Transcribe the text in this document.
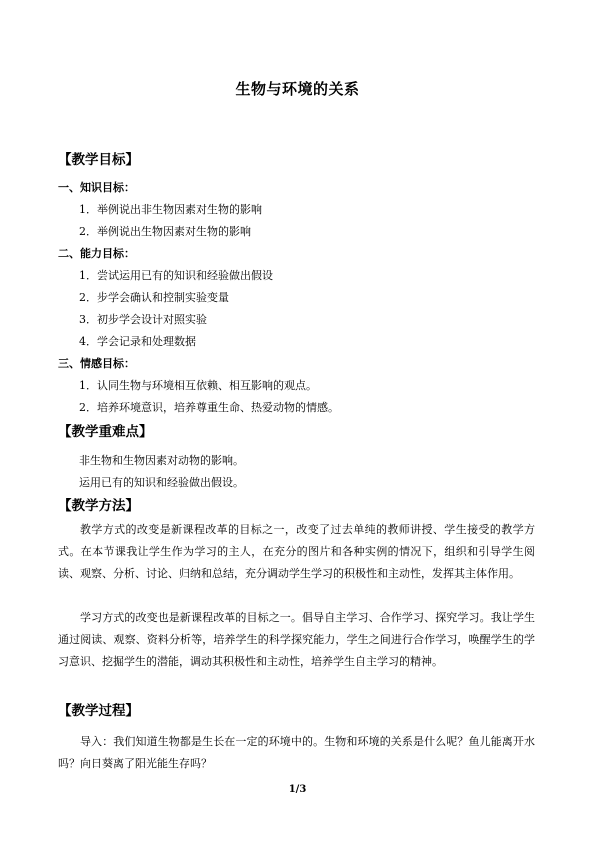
生物与环境的关系
【教学目标】
一、知识目标：
1．举例说出非生物因素对生物的影响
2．举例说出生物因素对生物的影响
二、能力目标：
1．尝试运用已有的知识和经验做出假设
2．步学会确认和控制实验变量
3．初步学会设计对照实验
4．学会记录和处理数据
三、情感目标：
1．认同生物与环境相互依赖、相互影响的观点。
2．培养环境意识，培养尊重生命、热爱动物的情感。
【教学重难点】
非生物和生物因素对动物的影响。
运用已有的知识和经验做出假设。
【教学方法】
教学方式的改变是新课程改革的目标之一，改变了过去单纯的教师讲授、学生接受的教学方式。在本节课我让学生作为学习的主人，在充分的图片和各种实例的情况下，组织和引导学生阅读、观察、分析、讨论、归纳和总结，充分调动学生学习的积极性和主动性，发挥其主体作用。
学习方式的改变也是新课程改革的目标之一。倡导自主学习、合作学习、探究学习。我让学生通过阅读、观察、资料分析等，培养学生的科学探究能力，学生之间进行合作学习，唤醒学生的学习意识、挖掘学生的潜能，调动其积极性和主动性，培养学生自主学习的精神。
【教学过程】
导入：我们知道生物都是生长在一定的环境中的。生物和环境的关系是什么呢？鱼儿能离开水吗？向日葵离了阳光能生存吗？
1/3
